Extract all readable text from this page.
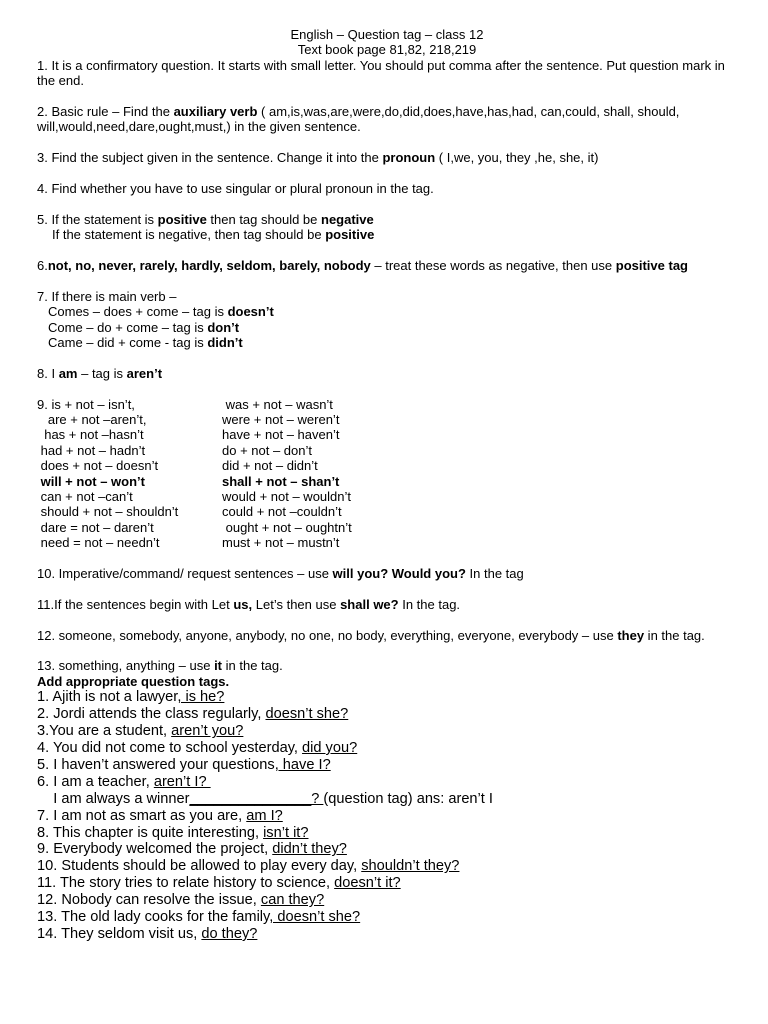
English – Question tag – class 12
Text book page 81,82, 218,219
1. It is a confirmatory question. It starts with small letter. You should put comma after the sentence. Put question mark in the end.
2. Basic rule – Find the auxiliary verb ( am,is,was,are,were,do,did,does,have,has,had, can,could, shall, should, will,would,need,dare,ought,must,) in the given sentence.
3. Find the subject given in the sentence. Change it into the pronoun ( I,we, you, they ,he, she, it)
4. Find whether you have to use singular or plural pronoun in the tag.
5. If the statement is positive then tag should be negative
If the statement is negative, then tag should be positive
6.not, no, never, rarely, hardly, seldom, barely, nobody – treat these words as negative, then use positive tag
7. If there is main verb –
Comes – does + come – tag is doesn’t
Come – do + come – tag is don’t
Came – did + come - tag is didn’t
8. I am – tag is aren’t
9. is + not – isn’t,	was + not – wasn’t
are + not –aren’t,	were + not – weren’t
has + not –hasn’t	have + not – haven’t
had + not – hadn’t	do + not – don’t
does + not – doesn’t	did + not – didn’t
will + not – won’t	shall + not – shan’t
can + not –can’t	would + not – wouldn’t
should + not – shouldn’t	could + not –couldn’t
dare = not – daren’t	ought + not – oughtn’t
need = not – needn’t	must + not – mustn’t
10. Imperative/command/ request sentences – use will you? Would you? In the tag
11.If the sentences begin with Let us, Let’s then use shall we? In the tag.
12. someone, somebody, anyone, anybody, no one, no body, everything, everyone, everybody – use they in the tag.
13. something, anything – use it in the tag.
Add appropriate question tags.
1. Ajith is not a lawyer, is he?
2. Jordi attends the class regularly, doesn’t she?
3.You are a student, aren’t you?
4. You did not come to school yesterday, did you?
5. I haven’t answered your questions, have I?
6. I am a teacher, aren’t I?
I am always a winner_______________? (question tag) ans: aren’t I
7. I am not as smart as you are, am I?
8. This chapter is quite interesting, isn’t it?
9. Everybody welcomed the project, didn’t they?
10. Students should be allowed to play every day, shouldn’t they?
11. The story tries to relate history to science, doesn’t it?
12. Nobody can resolve the issue, can they?
13. The old lady cooks for the family, doesn’t she?
14. They seldom visit us, do they?
